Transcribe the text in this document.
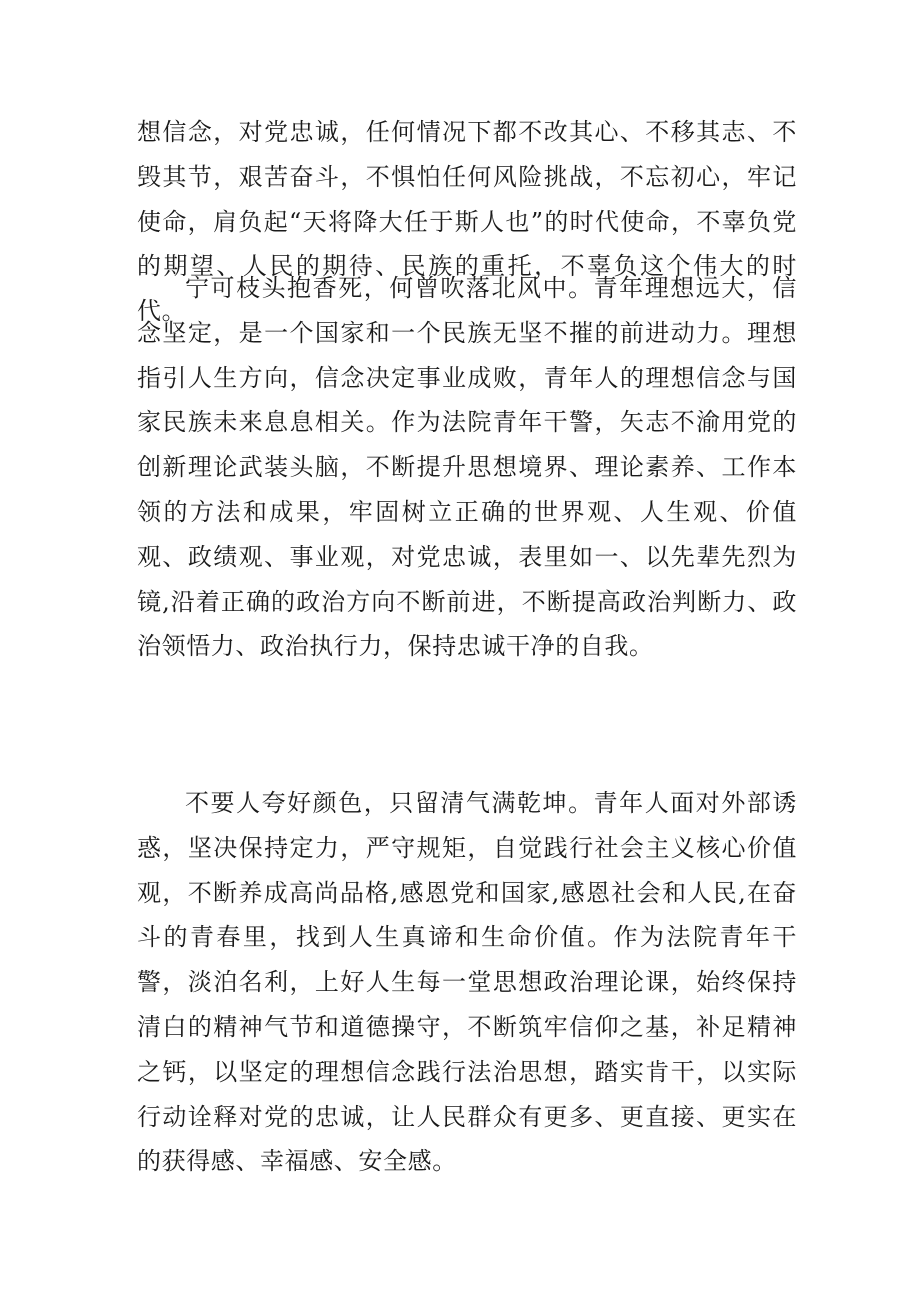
想信念，对党忠诚，任何情况下都不改其心、不移其志、不毁其节，艰苦奋斗，不惧怕任何风险挑战，不忘初心，牢记使命，肩负起“天将降大任于斯人也”的时代使命，不辜负党的期望、人民的期待、民族的重托，不辜负这个伟大的时代。

宁可枝头抱香死，何曾吹落北风中。青年理想远大，信念坚定，是一个国家和一个民族无坚不摧的前进动力。理想指引人生方向，信念决定事业成败，青年人的理想信念与国家民族未来息息相关。作为法院青年干警，矢志不渝用党的创新理论武装头脑，不断提升思想境界、理论素养、工作本领的方法和成果，牢固树立正确的世界观、人生观、价值观、政绩观、事业观，对党忠诚，表里如一、以先辈先烈为镜,沿着正确的政治方向不断前进，不断提高政治判断力、政治领悟力、政治执行力，保持忠诚干净的自我。

不要人夸好颜色，只留清气满乾坤。青年人面对外部诱惑，坚决保持定力，严守规矩，自觉践行社会主义核心价值观，不断养成高尚品格,感恩党和国家,感恩社会和人民,在奋斗的青春里，找到人生真谛和生命价值。作为法院青年干警，淡泊名利，上好人生每一堂思想政治理论课，始终保持清白的精神气节和道德操守，不断筑牢信仰之基，补足精神之钙，以坚定的理想信念践行法治思想，踏实肯干，以实际行动诠释对党的忠诚，让人民群众有更多、更直接、更实在的获得感、幸福感、安全感。
